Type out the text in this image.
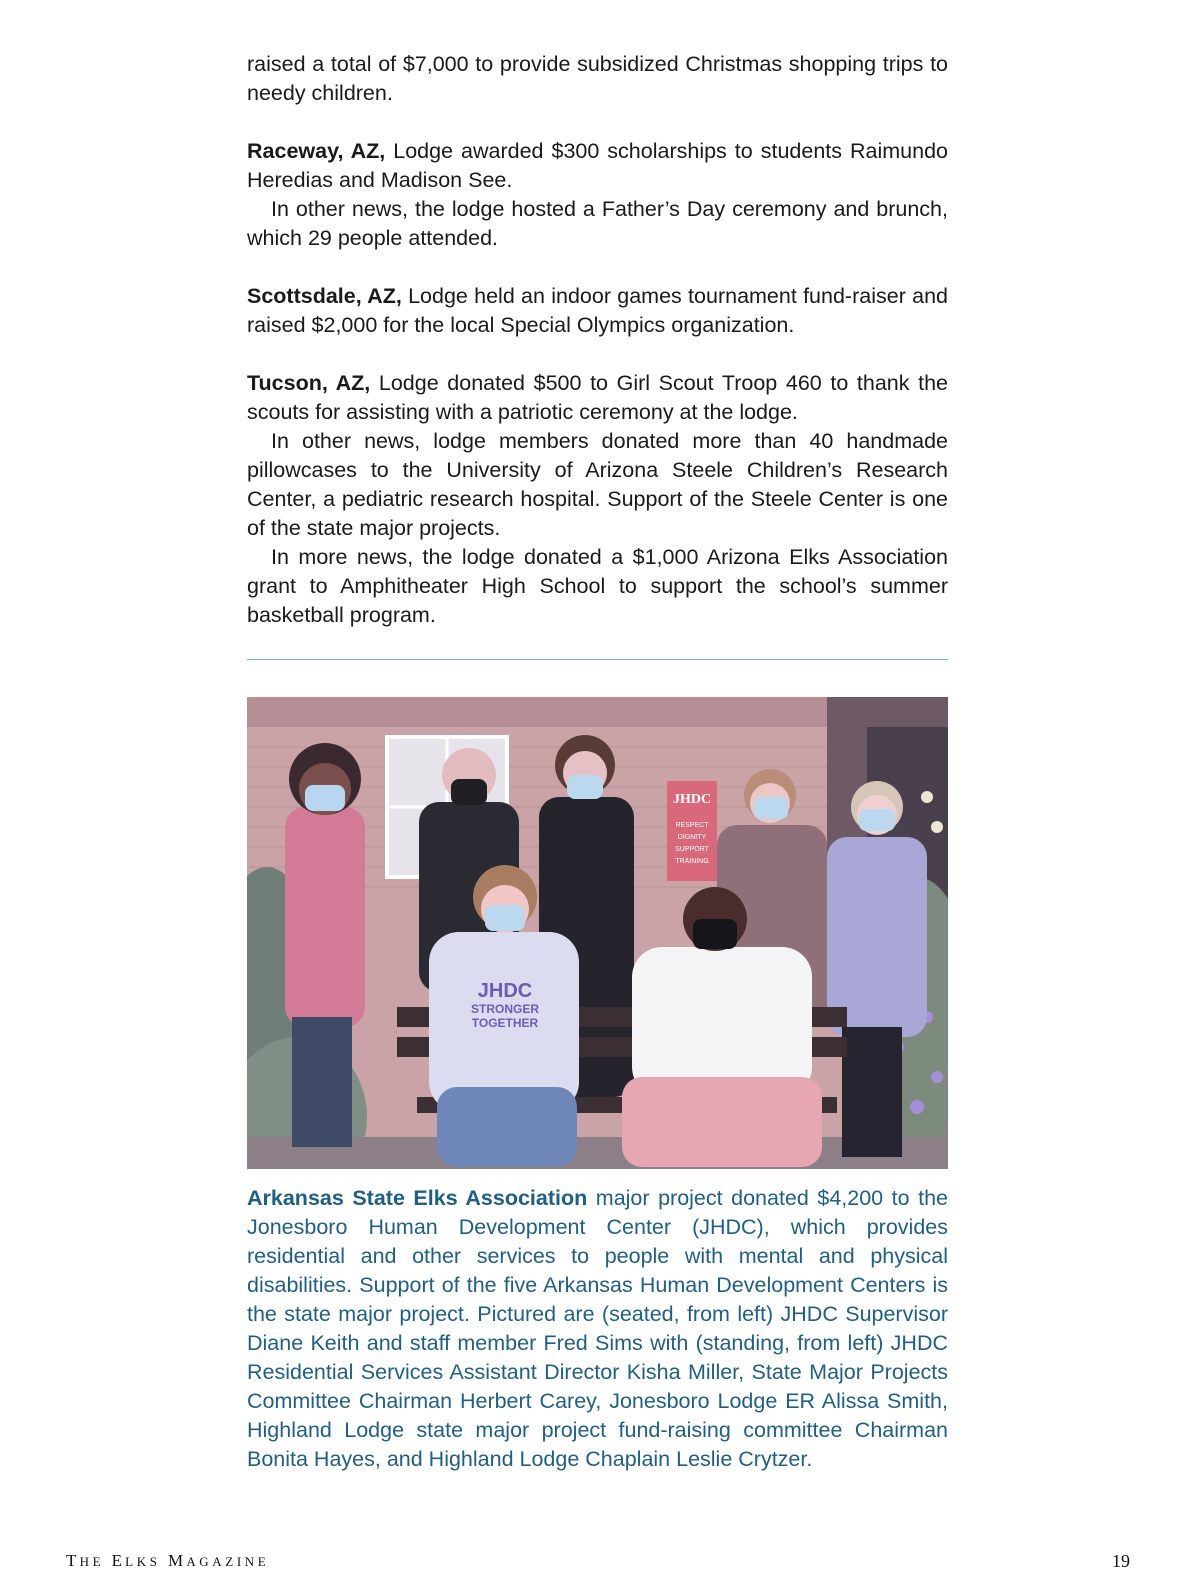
raised a total of $7,000 to provide subsidized Christmas shopping trips to needy children.

Raceway, AZ, Lodge awarded $300 scholarships to students Raimundo Heredias and Madison See.

In other news, the lodge hosted a Father’s Day ceremony and brunch, which 29 people attended.

Scottsdale, AZ, Lodge held an indoor games tournament fund-raiser and raised $2,000 for the local Special Olympics organization.

Tucson, AZ, Lodge donated $500 to Girl Scout Troop 460 to thank the scouts for assisting with a patriotic ceremony at the lodge.

In other news, lodge members donated more than 40 handmade pillowcases to the University of Arizona Steele Children’s Research Center, a pediatric research hospital. Support of the Steele Center is one of the state major projects.

In more news, the lodge donated a $1,000 Arizona Elks Association grant to Amphitheater High School to support the school’s summer basketball program.

JHDC
RESPECT
DIGNITY
SUPPORT
TRAINING
JHDC
STRONGER
TOGETHER

Arkansas State Elks Association major project donated $4,200 to the Jonesboro Human Development Center (JHDC), which provides residential and other services to people with mental and physical disabilities. Support of the five Arkansas Human Development Centers is the state major project. Pictured are (seated, from left) JHDC Supervisor Diane Keith and staff member Fred Sims with (standing, from left) JHDC Residential Services Assistant Director Kisha Miller, State Major Projects Committee Chairman Herbert Carey, Jonesboro Lodge ER Alissa Smith, Highland Lodge state major project fund-raising committee Chairman Bonita Hayes, and Highland Lodge Chaplain Leslie Crytzer.

THE ELKS MAGAZINE	19
